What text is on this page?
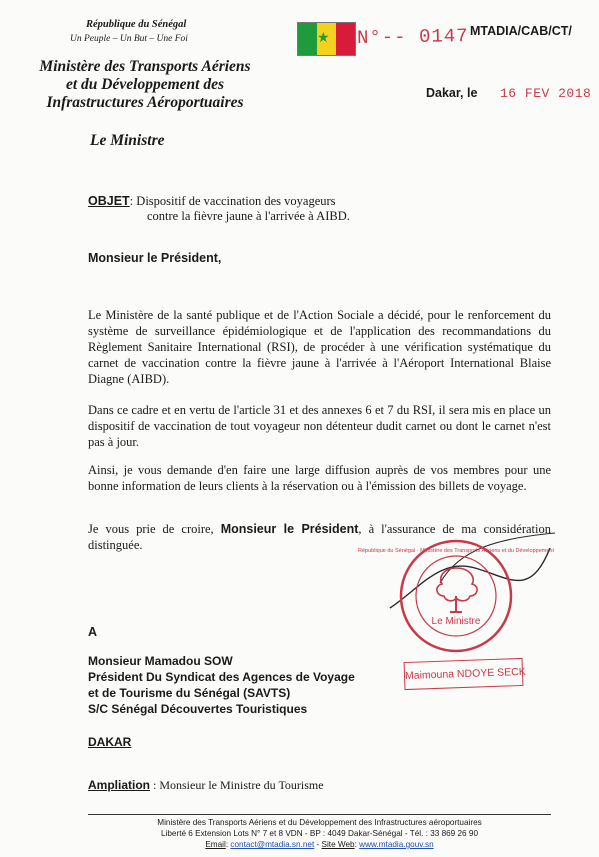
République du Sénégal
Un Peuple – Un But – Une Foi
Ministère des Transports Aériens
et du Développement des
Infrastructures Aéroportuaires
Le Ministre
★	N°-- 0147 MTADIA/CAB/CT/
Dakar, le 16 FEV 2018
OBJET: Dispositif de vaccination des voyageurs
contre la fièvre jaune à l'arrivée à AIBD.
Monsieur le Président,

Le Ministère de la santé publique et de l'Action Sociale a décidé, pour le renforcement du système de surveillance épidémiologique et de l'application des recommandations du Règlement Sanitaire International (RSI), de procéder à une vérification systématique du carnet de vaccination contre la fièvre jaune à l'arrivée à l'Aéroport International Blaise Diagne (AIBD).

Dans ce cadre et en vertu de l'article 31 et des annexes 6 et 7 du RSI, il sera mis en place un dispositif de vaccination de tout voyageur non détenteur dudit carnet ou dont le carnet n'est pas à jour.

Ainsi, je vous demande d'en faire une large diffusion auprès de vos membres pour une bonne information de leurs clients à la réservation ou à l'émission des billets de voyage.

Je vous prie de croire, Monsieur le Président, à l'assurance de ma considération distinguée.

Le Ministre
République du Sénégal · Ministère des Transports Aériens et du Développement
Maimouna NDOYE SECK
A
Monsieur Mamadou SOW
Président Du Syndicat des Agences de Voyage
et de Tourisme du Sénégal (SAVTS)
S/C Sénégal Découvertes Touristiques
DAKAR
Ampliation : Monsieur le Ministre du Tourisme
Ministère des Transports Aériens et du Développement des Infrastructures aéroportuaires
Liberté 6 Extension Lots N° 7 et 8 VDN - BP : 4049 Dakar-Sénégal - Tél. : 33 869 26 90
Email: contact@mtadia.sn.net - Site Web: www.mtadia.gouv.sn
